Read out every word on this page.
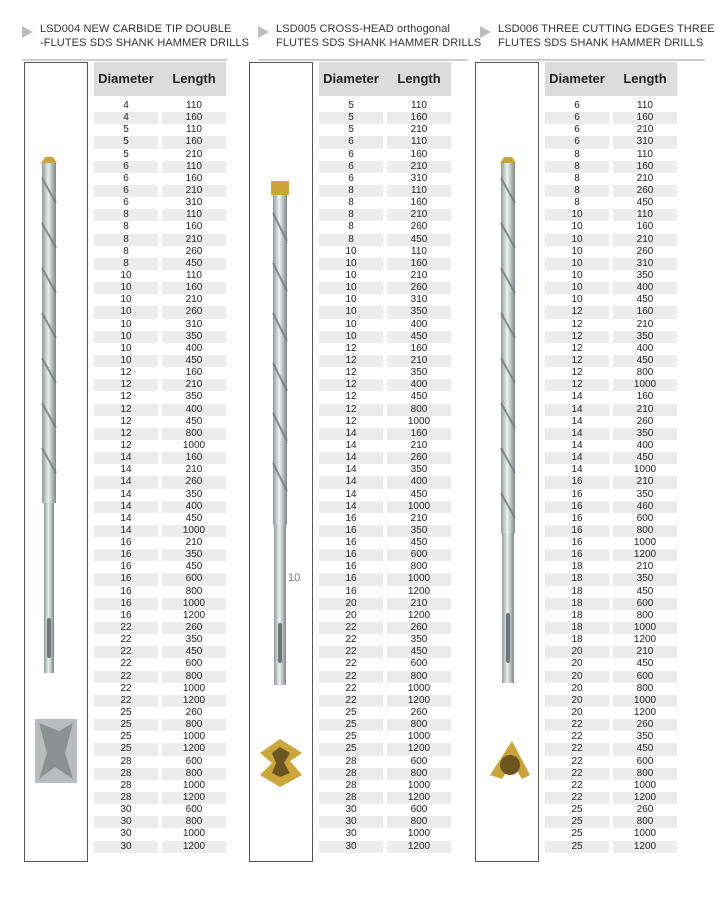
LSD004 NEW CARBIDE TIP DOUBLE
-FLUTES SDS SHANK HAMMER DRILLS
LSD005 CROSS-HEAD orthogonal
FLUTES SDS SHANK HAMMER DRILLS
LSD006 THREE CUTTING EDGES THREE
FLUTES SDS SHANK HAMMER DRILLS
Diameter	Length
4	110
4	160
5	110
5	160
5	210
6	110
6	160
6	210
6	310
8	110
8	160
8	210
8	260
8	450
10	110
10	160
10	210
10	260
10	310
10	350
10	400
10	450
12	160
12	210
12	350
12	400
12	450
12	800
12	1000
14	160
14	210
14	260
14	350
14	400
14	450
14	1000
16	210
16	350
16	450
16	600
16	800
16	1000
16	1200
22	260
22	350
22	450
22	600
22	800
22	1000
22	1200
25	260
25	800
25	1000
25	1200
28	600
28	800
28	1000
28	1200
30	600
30	800
30	1000
30	1200
10
Diameter	Length
5	110
5	160
5	210
6	110
6	160
6	210
6	310
8	110
8	160
8	210
8	260
8	450
10	110
10	160
10	210
10	260
10	310
10	350
10	400
10	450
12	160
12	210
12	350
12	400
12	450
12	800
12	1000
14	160
14	210
14	260
14	350
14	400
14	450
14	1000
16	210
16	350
16	450
16	600
16	800
16	1000
16	1200
20	210
20	1200
22	260
22	350
22	450
22	600
22	800
22	1000
22	1200
25	260
25	800
25	1000
25	1200
28	600
28	800
28	1000
28	1200
30	600
30	800
30	1000
30	1200
Diameter	Length
6	110
6	160
6	210
6	310
8	110
8	160
8	210
8	260
8	450
10	110
10	160
10	210
10	260
10	310
10	350
10	400
10	450
12	160
12	210
12	350
12	400
12	450
12	800
12	1000
14	160
14	210
14	260
14	350
14	400
14	450
14	1000
16	210
16	350
16	460
16	600
16	800
16	1000
16	1200
18	210
18	350
18	450
18	600
18	800
18	1000
18	1200
20	210
20	450
20	600
20	800
20	1000
20	1200
22	260
22	350
22	450
22	600
22	800
22	1000
22	1200
25	260
25	800
25	1000
25	1200
